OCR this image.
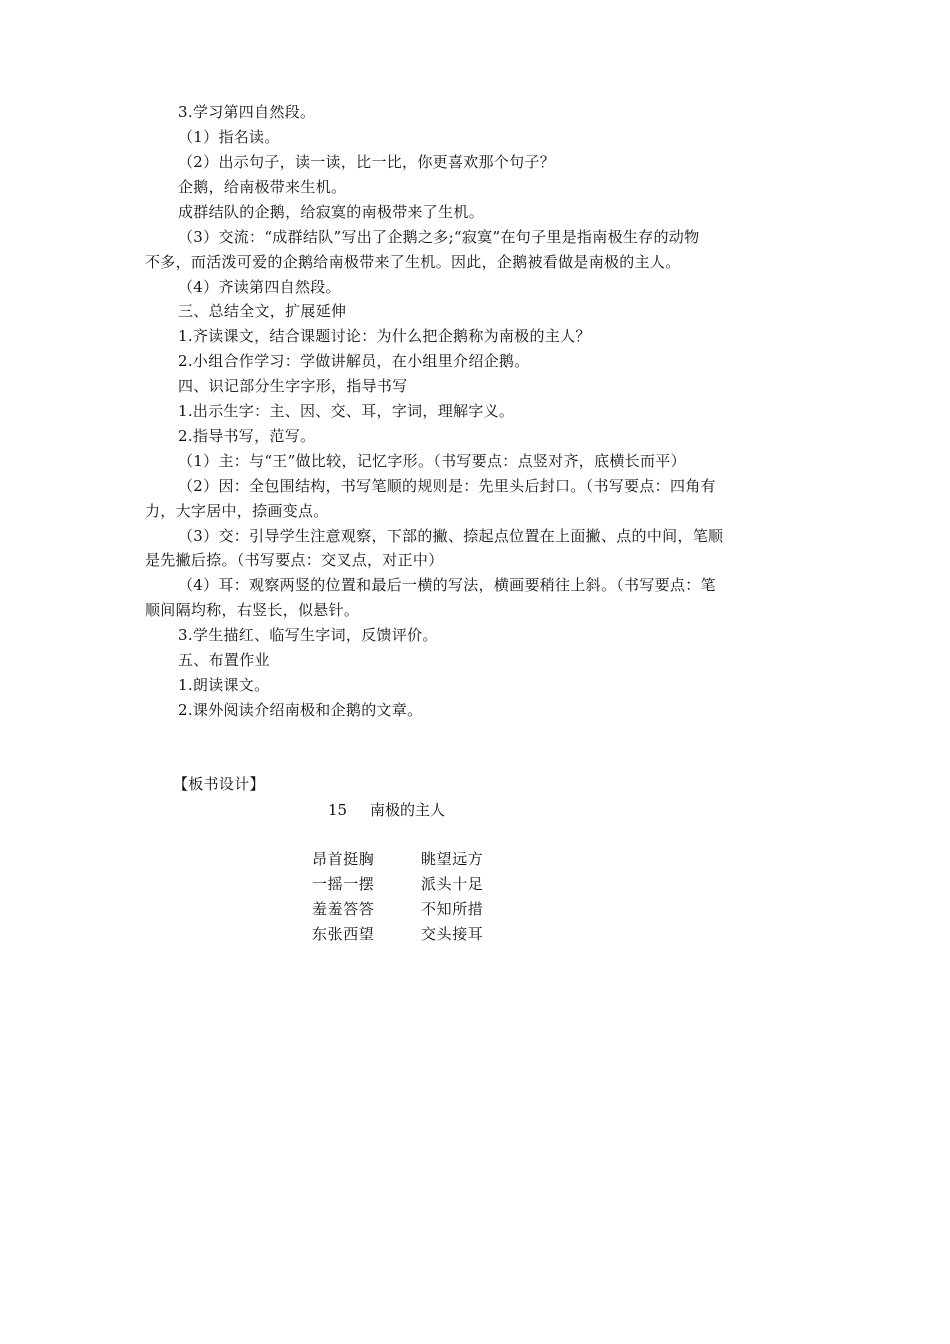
3.学习第四自然段。
（1）指名读。
（2）出示句子，读一读，比一比，你更喜欢那个句子？
企鹅，给南极带来生机。
成群结队的企鹅，给寂寞的南极带来了生机。
（3）交流：“成群结队”写出了企鹅之多;“寂寞”在句子里是指南极生存的动物
不多，而活泼可爱的企鹅给南极带来了生机。因此，企鹅被看做是南极的主人。
（4）齐读第四自然段。
三、总结全文，扩展延伸
1.齐读课文，结合课题讨论：为什么把企鹅称为南极的主人？
2.小组合作学习：学做讲解员，在小组里介绍企鹅。
四、识记部分生字字形，指导书写
1.出示生字：主、因、交、耳，字词，理解字义。
2.指导书写，范写。
（1）主：与“王”做比较，记忆字形。（书写要点：点竖对齐，底横长而平）
（2）因：全包围结构，书写笔顺的规则是：先里头后封口。（书写要点：四角有
力，大字居中，捺画变点。
（3）交：引导学生注意观察，下部的撇、捺起点位置在上面撇、点的中间，笔顺
是先撇后捺。（书写要点：交叉点，对正中）
（4）耳：观察两竖的位置和最后一横的写法，横画要稍往上斜。（书写要点：笔
顺间隔均称，右竖长，似悬针。
3.学生描红、临写生字词，反馈评价。
五、布置作业
1.朗读课文。
2.课外阅读介绍南极和企鹅的文章。
【板书设计】
15 南极的主人
昂首挺胸	眺望远方
一摇一摆	派头十足
羞羞答答	不知所措
东张西望	交头接耳
